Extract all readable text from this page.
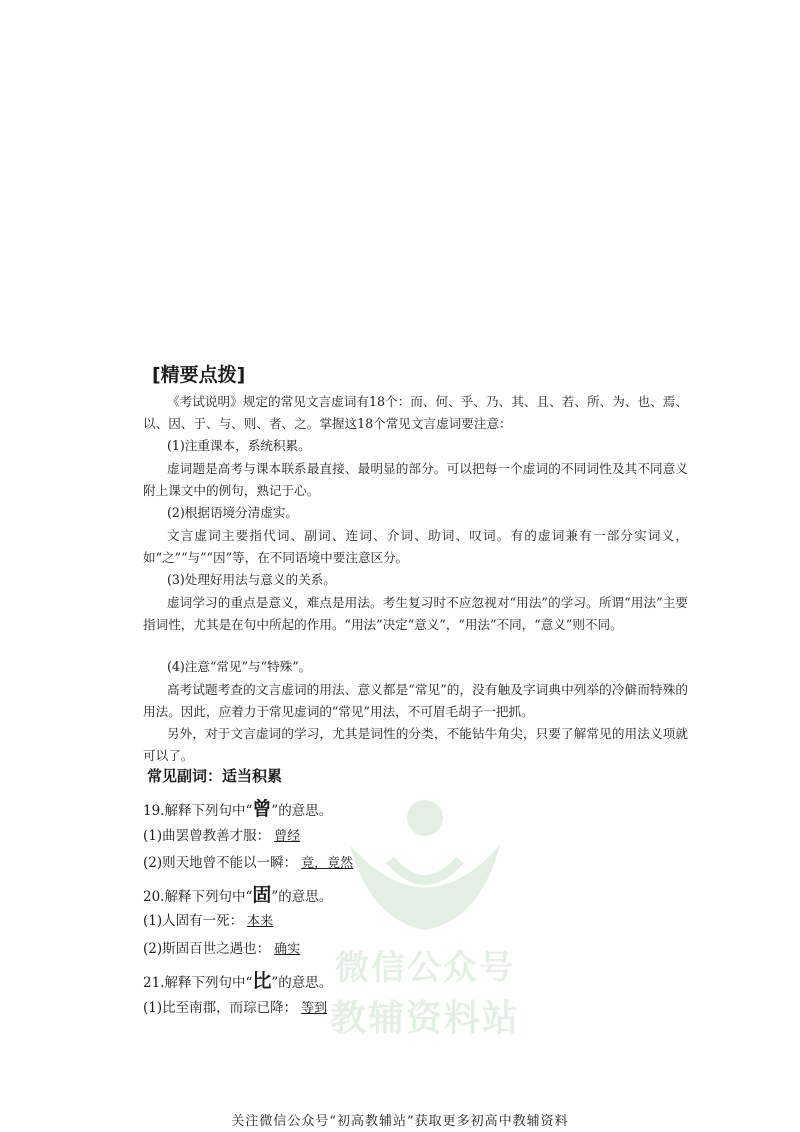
微信公众号
教辅资料站
[精要点拨]
《考试说明》规定的常见文言虚词有18个：而、何、乎、乃、其、且、若、所、为、也、焉、以、因、于、与、则、者、之。掌握这18个常见文言虚词要注意：
(1)注重课本，系统积累。
虚词题是高考与课本联系最直接、最明显的部分。可以把每一个虚词的不同词性及其不同意义附上课文中的例句，熟记于心。
(2)根据语境分清虚实。
文言虚词主要指代词、副词、连词、介词、助词、叹词。有的虚词兼有一部分实词义，如“之”“与”“因”等，在不同语境中要注意区分。
(3)处理好用法与意义的关系。
虚词学习的重点是意义，难点是用法。考生复习时不应忽视对“用法”的学习。所谓“用法”主要指词性，尤其是在句中所起的作用。“用法”决定“意义”，“用法”不同，“意义”则不同。
(4)注意“常见”与“特殊”。
高考试题考查的文言虚词的用法、意义都是“常见”的，没有触及字词典中列举的冷僻而特殊的用法。因此，应着力于常见虚词的“常见”用法，不可眉毛胡子一把抓。
另外，对于文言虚词的学习，尤其是词性的分类，不能钻牛角尖，只要了解常见的用法义项就可以了。
常见副词：适当积累
19.解释下列句中“曾”的意思。
(1)曲罢曾教善才服： 曾经
(2)则天地曾不能以一瞬： 竟，竟然
20.解释下列句中“固”的意思。
(1)人固有一死： 本来
(2)斯固百世之遇也： 确实
21.解释下列句中“比”的意思。
(1)比至南郡，而琮已降： 等到
关注微信公众号“初高教辅站”获取更多初高中教辅资料
